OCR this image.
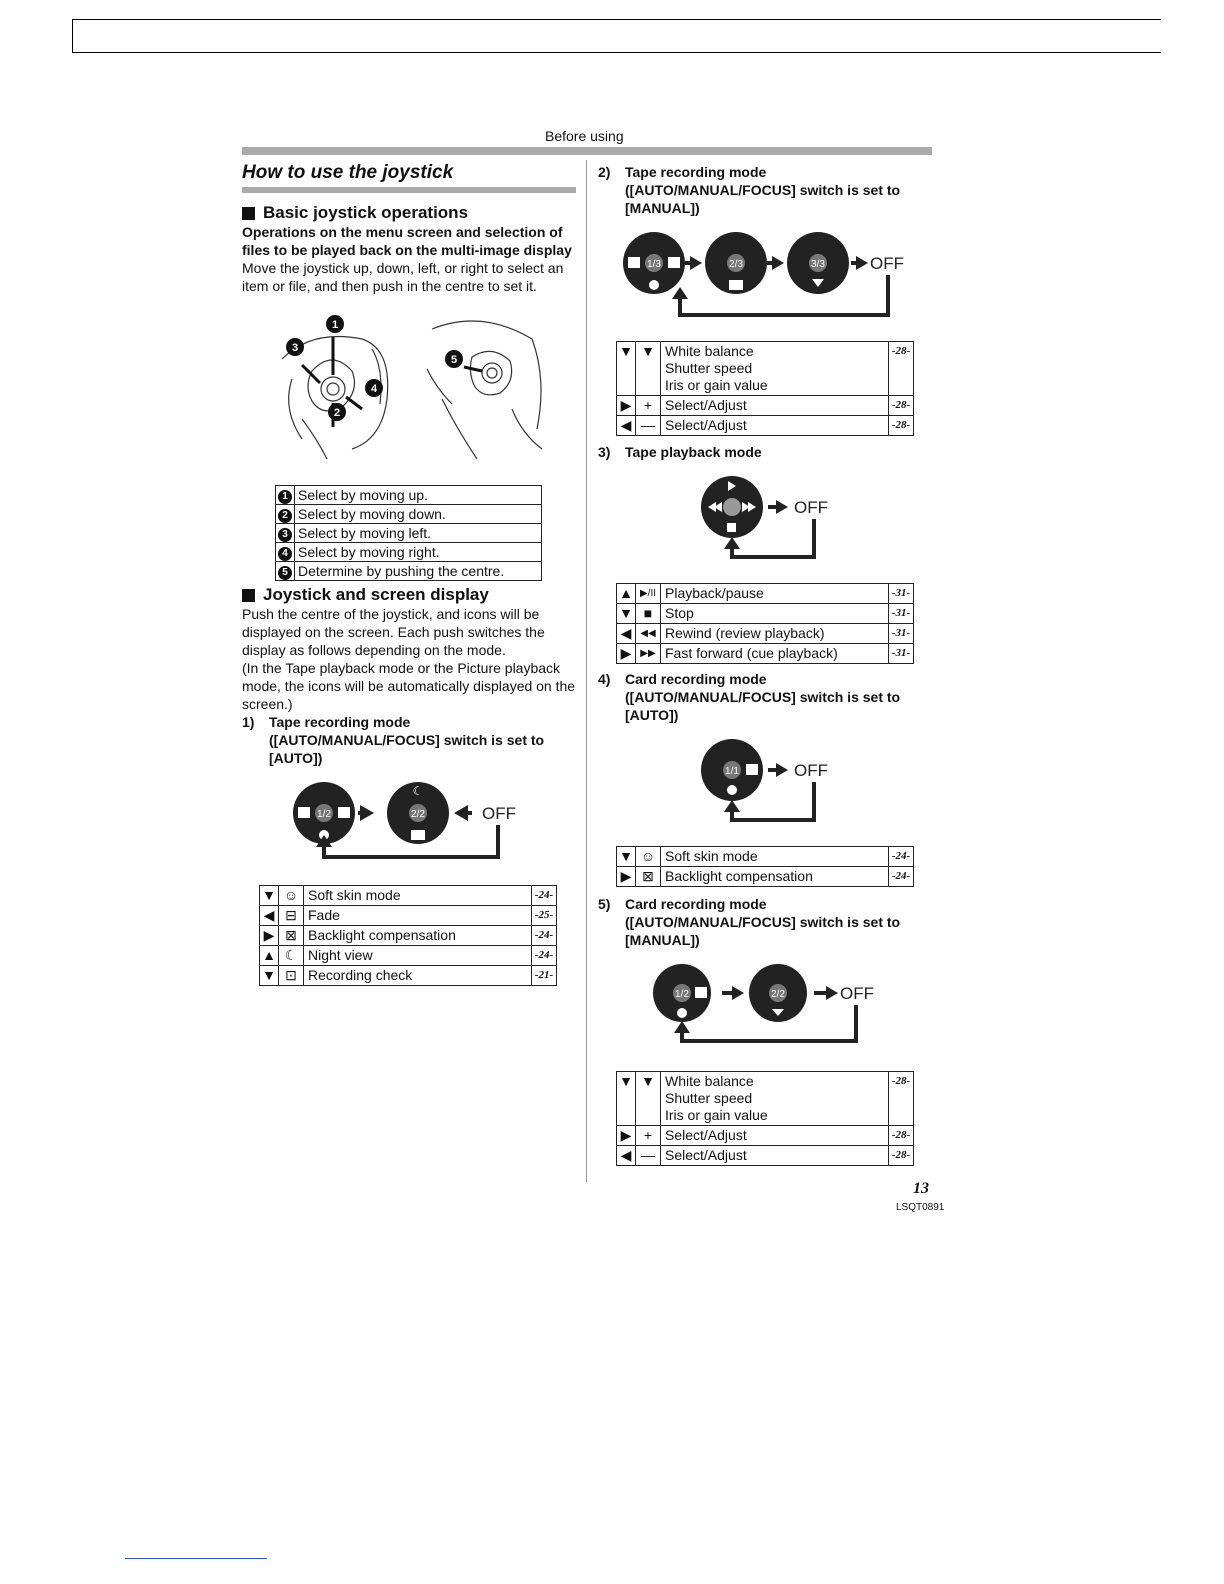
Before using
How to use the joystick
Basic joystick operations

Operations on the menu screen and selection of files to be played back on the multi-image display

Move the joystick up, down, left, or right to select an item or file, and then push in the centre to set it.

1
3
4
2
5
1	Select by moving up.
2	Select by moving down.
3	Select by moving left.
4	Select by moving right.
5	Determine by pushing the centre.
Joystick and screen display

Push the centre of the joystick, and icons will be displayed on the screen. Each push switches the display as follows depending on the mode.

(In the Tape playback mode or the Picture playback mode, the icons will be automatically displayed on the screen.)

1)	Tape recording mode
([AUTO/MANUAL/FOCUS] switch is set to [AUTO])
1/2	2/2
☾
OFF
▼	☺	Soft skin mode	-24-
◀	⊟	Fade	-25-
▶	⊠	Backlight compensation	-24-
▲	☾	Night view	-24-
▼	⊡	Recording check	-21-
2)	Tape recording mode
([AUTO/MANUAL/FOCUS] switch is set to [MANUAL])
1/3	2/3	3/3	OFF
▼	▼	White balance
Shutter speed
Iris or gain value	-28-
▶	+	Select/Adjust	-28-
◀	—	Select/Adjust	-28-
3)	Tape playback mode
OFF
▲	▶/II	Playback/pause	-31-
▼	■	Stop	-31-
◀	◀◀	Rewind (review playback)	-31-
▶	▶▶	Fast forward (cue playback)	-31-
4)	Card recording mode
([AUTO/MANUAL/FOCUS] switch is set to [AUTO])
1/1	OFF
▼	☺	Soft skin mode	-24-
▶	⊠	Backlight compensation	-24-
5)	Card recording mode
([AUTO/MANUAL/FOCUS] switch is set to [MANUAL])
1/2	2/2	OFF
▼	▼	White balance
Shutter speed
Iris or gain value	-28-
▶	+	Select/Adjust	-28-
◀	—	Select/Adjust	-28-
13
LSQT0891
